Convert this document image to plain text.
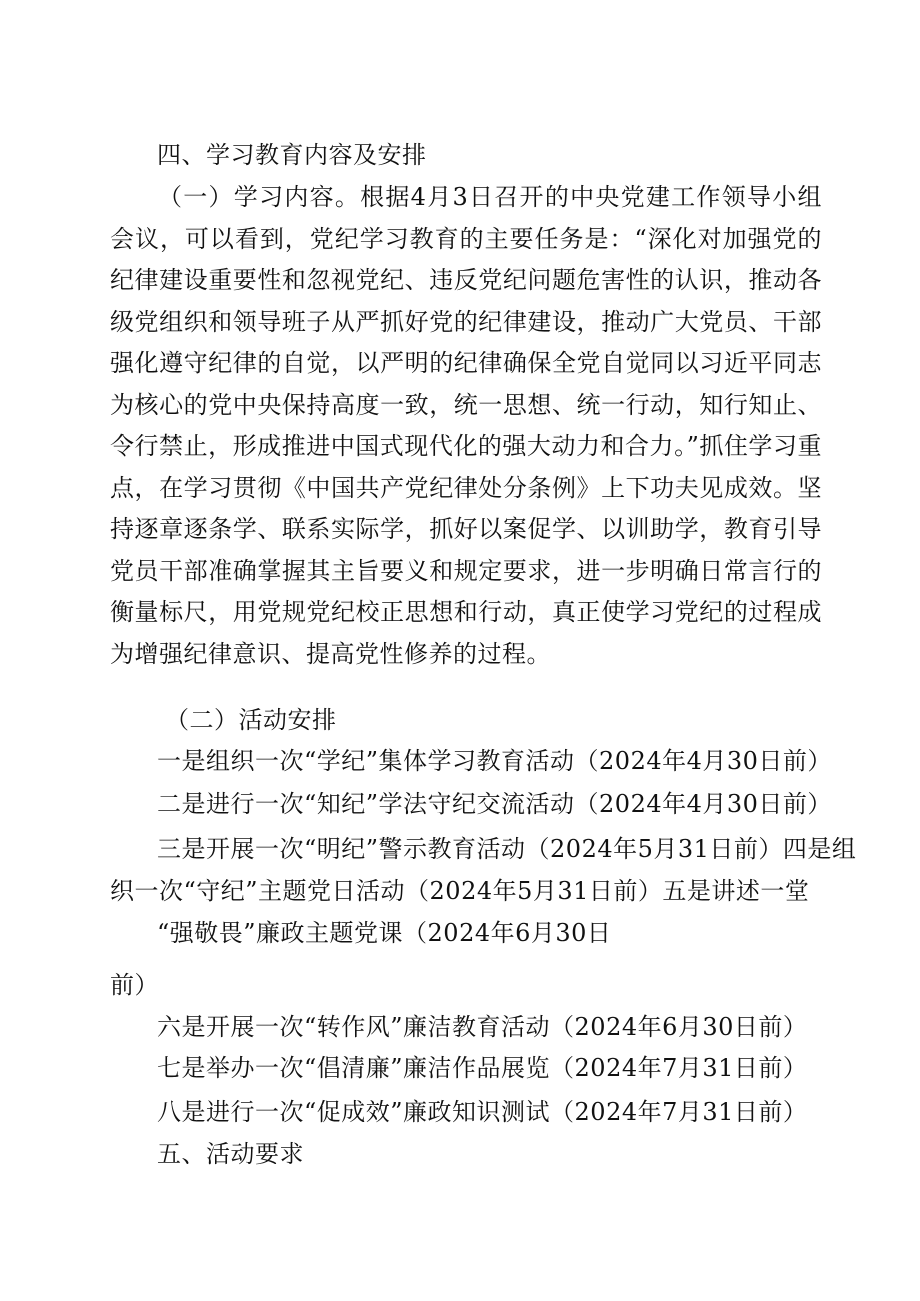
四、学习教育内容及安排

（一）学习内容。根据4月3日召开的中央党建工作领导小组会议，可以看到，党纪学习教育的主要任务是：“深化对加强党的纪律建设重要性和忽视党纪、违反党纪问题危害性的认识，推动各级党组织和领导班子从严抓好党的纪律建设，推动广大党员、干部强化遵守纪律的自觉，以严明的纪律确保全党自觉同以习近平同志为核心的党中央保持高度一致，统一思想、统一行动，知行知止、令行禁止，形成推进中国式现代化的强大动力和合力。”抓住学习重点，在学习贯彻《中国共产党纪律处分条例》上下功夫见成效。坚持逐章逐条学、联系实际学，抓好以案促学、以训助学，教育引导党员干部准确掌握其主旨要义和规定要求，进一步明确日常言行的衡量标尺，用党规党纪校正思想和行动，真正使学习党纪的过程成为增强纪律意识、提高党性修养的过程。

（二）活动安排
一是组织一次“学纪”集体学习教育活动（2024年4月30日前）
二是进行一次“知纪”学法守纪交流活动（2024年4月30日前）
三是开展一次“明纪”警示教育活动（2024年5月31日前）四是组
织一次“守纪”主题党日活动（2024年5月31日前）五是讲述一堂
“强敬畏”廉政主题党课（2024年6月30日
前）
六是开展一次“转作风”廉洁教育活动（2024年6月30日前）
七是举办一次“倡清廉”廉洁作品展览（2024年7月31日前）
八是进行一次“促成效”廉政知识测试（2024年7月31日前）
五、活动要求
